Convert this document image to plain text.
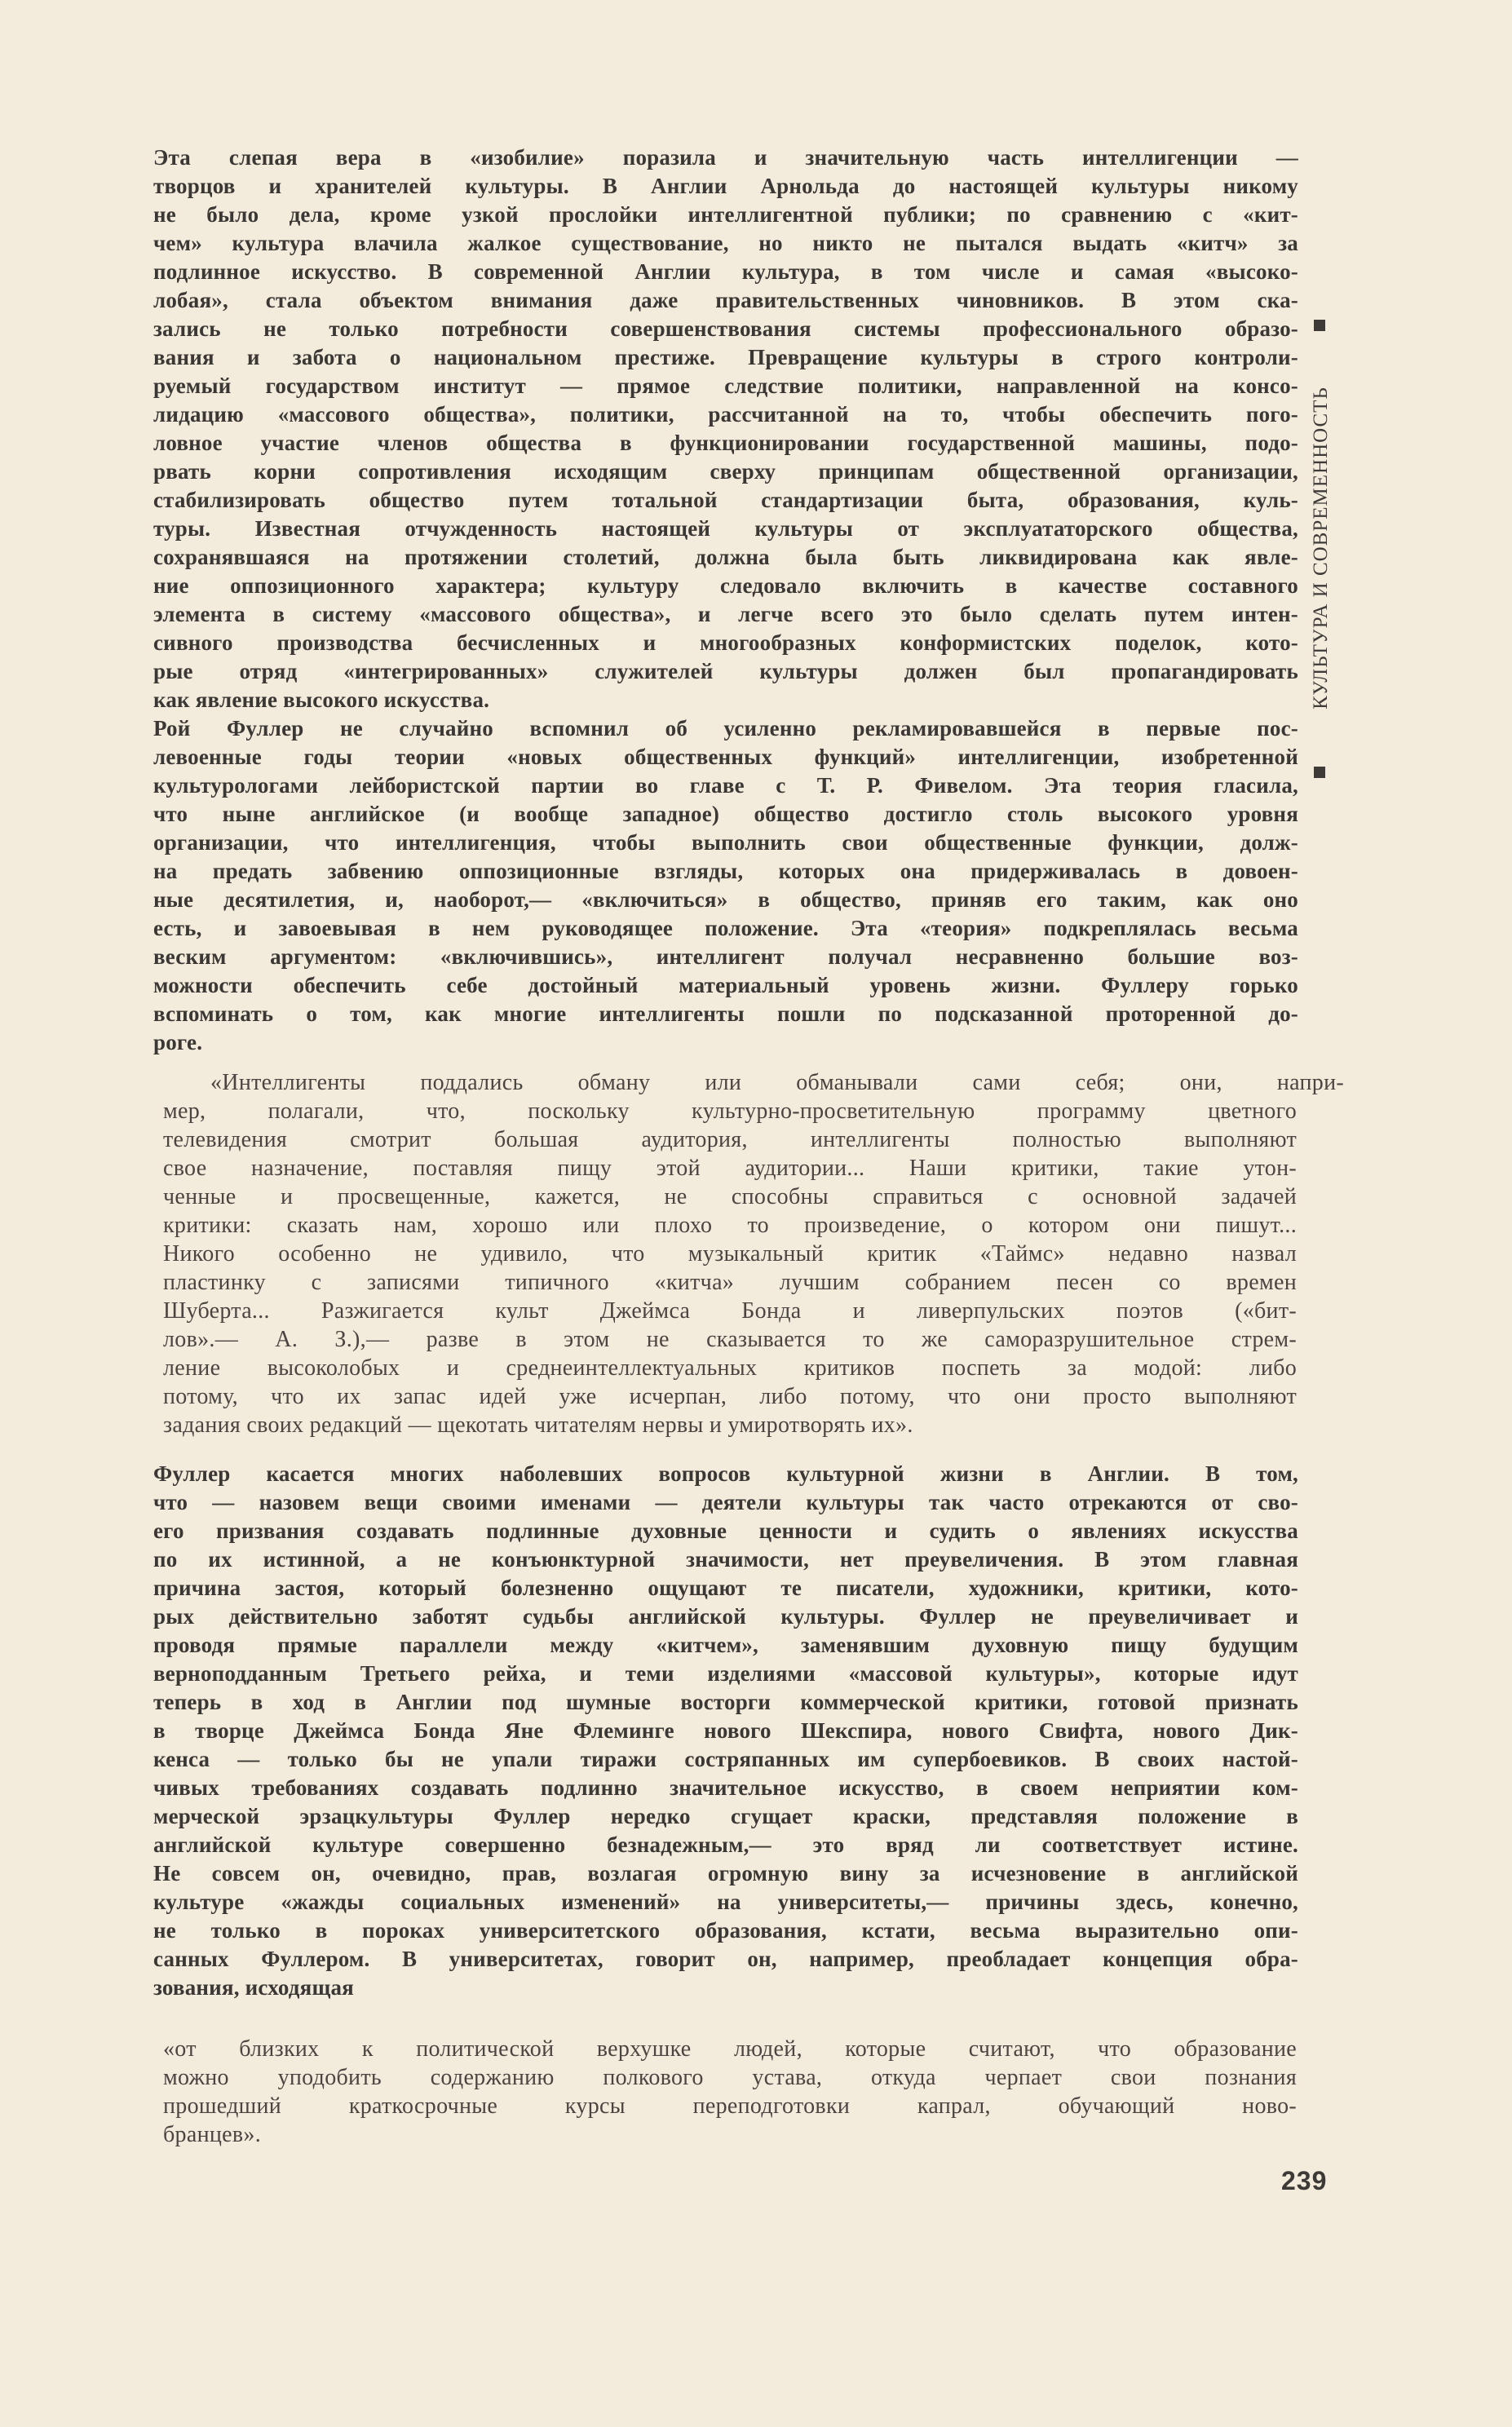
Эта слепая вера в «изобилие» поразила и значительную часть интеллигенции —
творцов и хранителей культуры. В Англии Арнольда до настоящей культуры никому
не было дела, кроме узкой прослойки интеллигентной публики; по сравнению с «кит-
чем» культура влачила жалкое существование, но никто не пытался выдать «китч» за
подлинное искусство. В современной Англии культура, в том числе и самая «высоко-
лобая», стала объектом внимания даже правительственных чиновников. В этом ска-
зались не только потребности совершенствования системы профессионального образо-
вания и забота о национальном престиже. Превращение культуры в строго контроли-
руемый государством институт — прямое следствие политики, направленной на консо-
лидацию «массового общества», политики, рассчитанной на то, чтобы обеспечить пого-
ловное участие членов общества в функционировании государственной машины, подо-
рвать корни сопротивления исходящим сверху принципам общественной организации,
стабилизировать общество путем тотальной стандартизации быта, образования, куль-
туры. Известная отчужденность настоящей культуры от эксплуататорского общества,
сохранявшаяся на протяжении столетий, должна была быть ликвидирована как явле-
ние оппозиционного характера; культуру следовало включить в качестве составного
элемента в систему «массового общества», и легче всего это было сделать путем интен-
сивного производства бесчисленных и многообразных конформистских поделок, кото-
рые отряд «интегрированных» служителей культуры должен был пропагандировать
как явление высокого искусства.
Рой Фуллер не случайно вспомнил об усиленно рекламировавшейся в первые пос-
левоенные годы теории «новых общественных функций» интеллигенции, изобретенной
культурологами лейбористской партии во главе с Т. Р. Фивелом. Эта теория гласила,
что ныне английское (и вообще западное) общество достигло столь высокого уровня
организации, что интеллигенция, чтобы выполнить свои общественные функции, долж-
на предать забвению оппозиционные взгляды, которых она придерживалась в довоен-
ные десятилетия, и, наоборот,— «включиться» в общество, приняв его таким, как оно
есть, и завоевывая в нем руководящее положение. Эта «теория» подкреплялась весьма
веским аргументом: «включившись», интеллигент получал несравненно большие воз-
можности обеспечить себе достойный материальный уровень жизни. Фуллеру горько
вспоминать о том, как многие интеллигенты пошли по подсказанной проторенной до-
роге.
«Интеллигенты поддались обману или обманывали сами себя; они, напри-
мер, полагали, что, поскольку культурно-просветительную программу цветного
телевидения смотрит большая аудитория, интеллигенты полностью выполняют
свое назначение, поставляя пищу этой аудитории... Наши критики, такие утон-
ченные и просвещенные, кажется, не способны справиться с основной задачей
критики: сказать нам, хорошо или плохо то произведение, о котором они пишут...
Никого особенно не удивило, что музыкальный критик «Таймс» недавно назвал
пластинку с записями типичного «китча» лучшим собранием песен со времен
Шуберта... Разжигается культ Джеймса Бонда и ливерпульских поэтов («бит-
лов».— А. З.),— разве в этом не сказывается то же саморазрушительное стрем-
ление высоколобых и среднеинтеллектуальных критиков поспеть за модой: либо
потому, что их запас идей уже исчерпан, либо потому, что они просто выполняют
задания своих редакций — щекотать читателям нервы и умиротворять их».
Фуллер касается многих наболевших вопросов культурной жизни в Англии. В том,
что — назовем вещи своими именами — деятели культуры так часто отрекаются от сво-
его призвания создавать подлинные духовные ценности и судить о явлениях искусства
по их истинной, а не конъюнктурной значимости, нет преувеличения. В этом главная
причина застоя, который болезненно ощущают те писатели, художники, критики, кото-
рых действительно заботят судьбы английской культуры. Фуллер не преувеличивает и
проводя прямые параллели между «китчем», заменявшим духовную пищу будущим
верноподданным Третьего рейха, и теми изделиями «массовой культуры», которые идут
теперь в ход в Англии под шумные восторги коммерческой критики, готовой признать
в творце Джеймса Бонда Яне Флеминге нового Шекспира, нового Свифта, нового Дик-
кенса — только бы не упали тиражи состряпанных им супербоевиков. В своих настой-
чивых требованиях создавать подлинно значительное искусство, в своем неприятии ком-
мерческой эрзацкультуры Фуллер нередко сгущает краски, представляя положение в
английской культуре совершенно безнадежным,— это вряд ли соответствует истине.
Не совсем он, очевидно, прав, возлагая огромную вину за исчезновение в английской
культуре «жажды социальных изменений» на университеты,— причины здесь, конечно,
не только в пороках университетского образования, кстати, весьма выразительно опи-
санных Фуллером. В университетах, говорит он, например, преобладает концепция обра-
зования, исходящая
«от близких к политической верхушке людей, которые считают, что образование
можно уподобить содержанию полкового устава, откуда черпает свои познания
прошедший краткосрочные курсы переподготовки капрал, обучающий ново-
бранцев».
КУЛЬТУРА И СОВРЕМЕННОСТЬ
239
